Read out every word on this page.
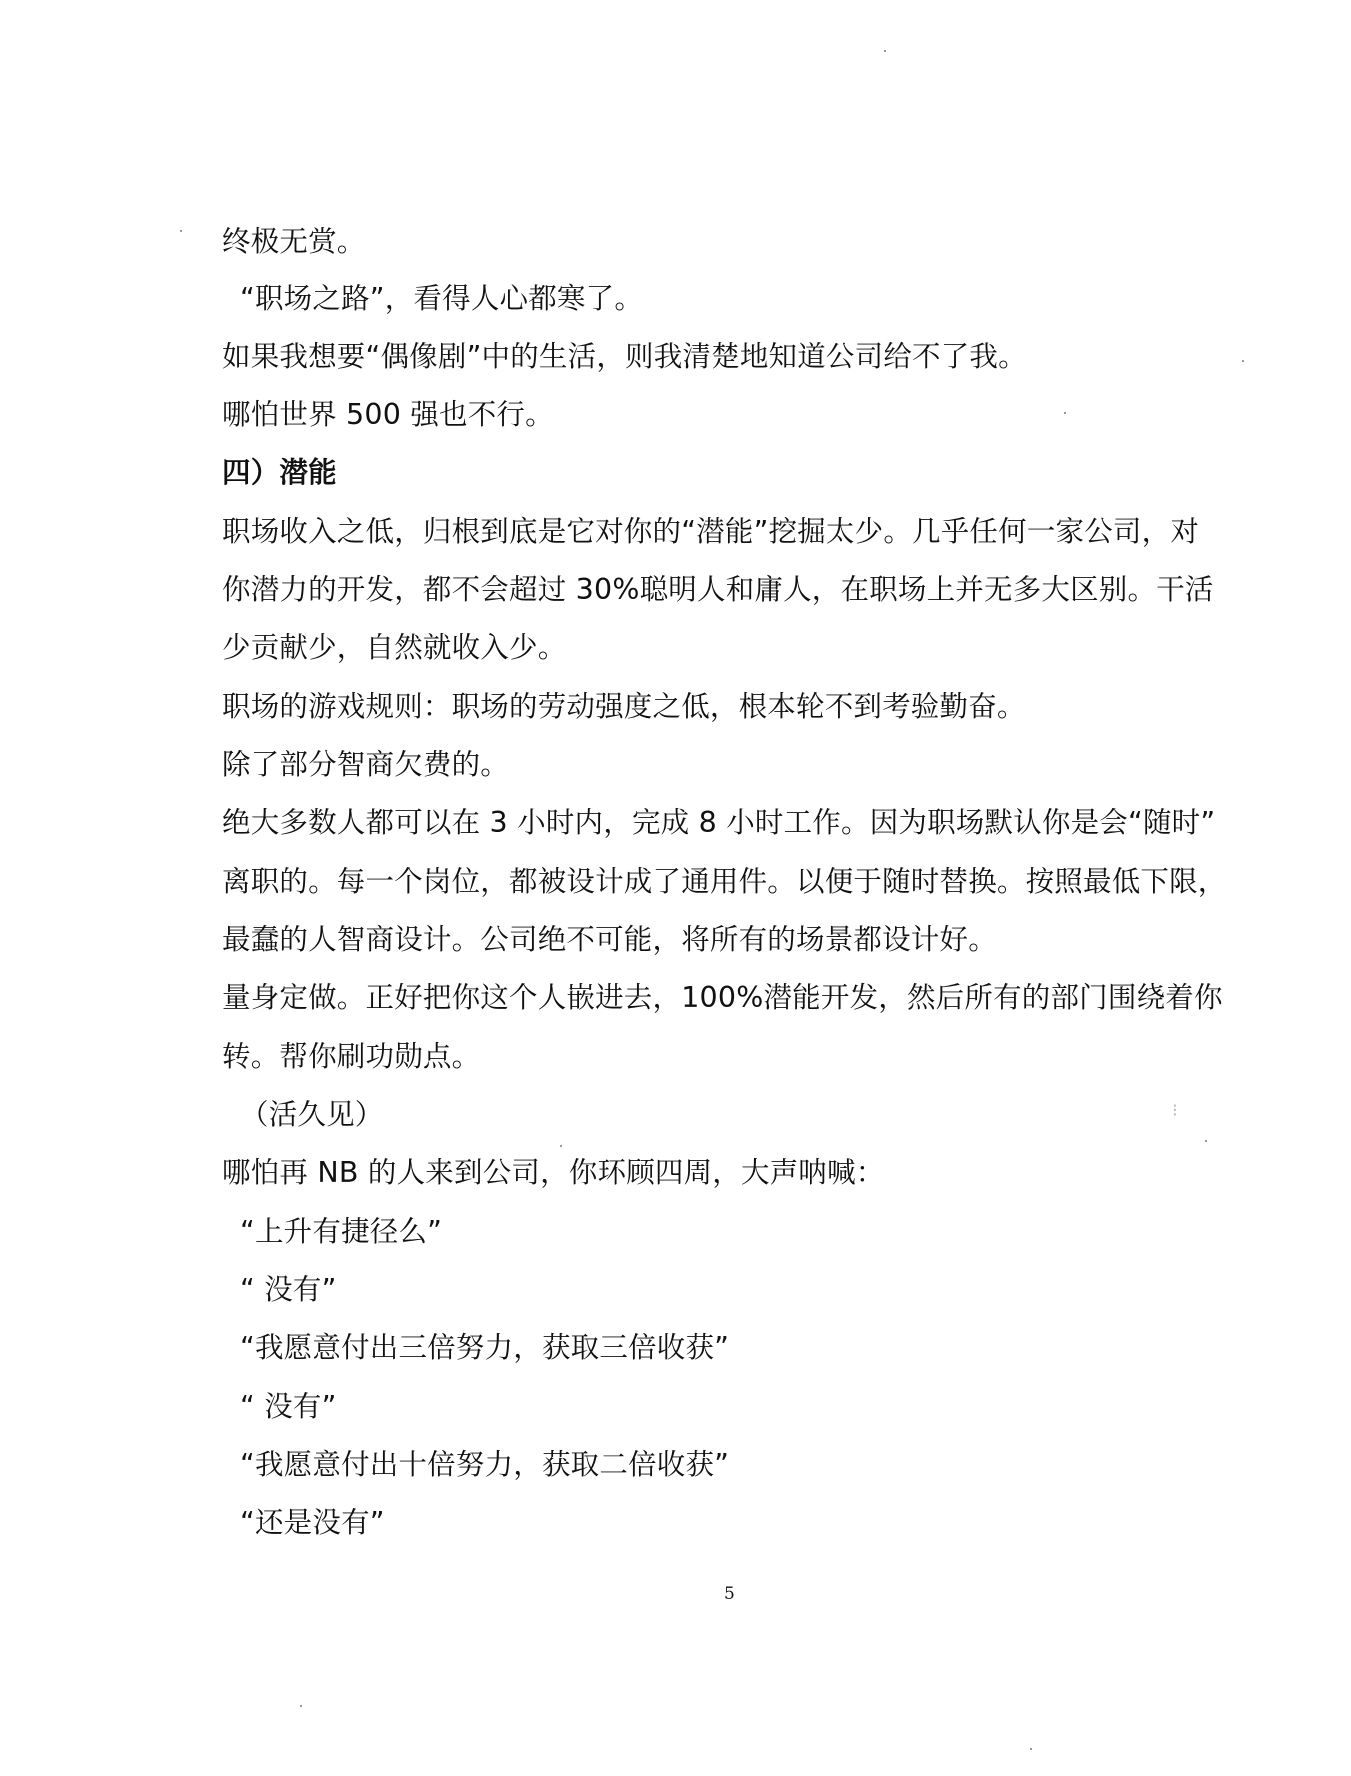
终极无赏。
“职场之路”，看得人心都寒了。
如果我想要“偶像剧”中的生活，则我清楚地知道公司给不了我。
哪怕世界 500 强也不行。
四）潜能
职场收入之低，归根到底是它对你的“潜能”挖掘太少。几乎任何一家公司，对
你潜力的开发，都不会超过 30%聪明人和庸人，在职场上并无多大区别。干活
少贡献少，自然就收入少。
职场的游戏规则：职场的劳动强度之低，根本轮不到考验勤奋。
除了部分智商欠费的。
绝大多数人都可以在 3 小时内，完成 8 小时工作。因为职场默认你是会“随时”
离职的。每一个岗位，都被设计成了通用件。以便于随时替换。按照最低下限，
最蠢的人智商设计。公司绝不可能，将所有的场景都设计好。
量身定做。正好把你这个人嵌进去，100%潜能开发，然后所有的部门围绕着你
转。帮你刷功勋点。
（活久见）
哪怕再 NB 的人来到公司，你环顾四周，大声呐喊：
“上升有捷径么”
“ 没有”
“我愿意付出三倍努力，获取三倍收获”
“ 没有”
“我愿意付出十倍努力，获取二倍收获”
“还是没有”
5
⁝
